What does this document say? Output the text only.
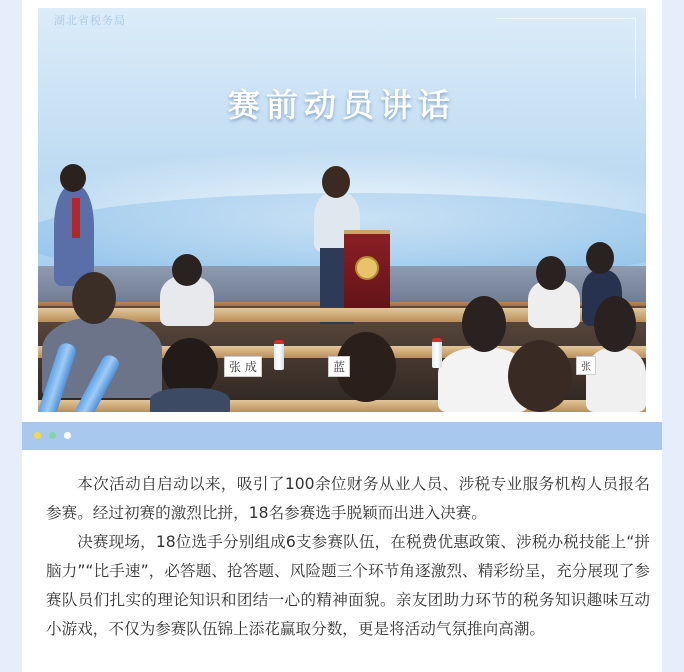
湖北省税务局
赛前动员讲话
张 成	蓝	张

本次活动自启动以来，吸引了100余位财务从业人员、涉税专业服务机构人员报名参赛。经过初赛的激烈比拼，18名参赛选手脱颖而出进入决赛。

决赛现场，18位选手分别组成6支参赛队伍，在税费优惠政策、涉税办税技能上“拼脑力”“比手速”，必答题、抢答题、风险题三个环节角逐激烈、精彩纷呈，充分展现了参赛队员们扎实的理论知识和团结一心的精神面貌。亲友团助力环节的税务知识趣味互动小游戏，不仅为参赛队伍锦上添花赢取分数，更是将活动气氛推向高潮。
